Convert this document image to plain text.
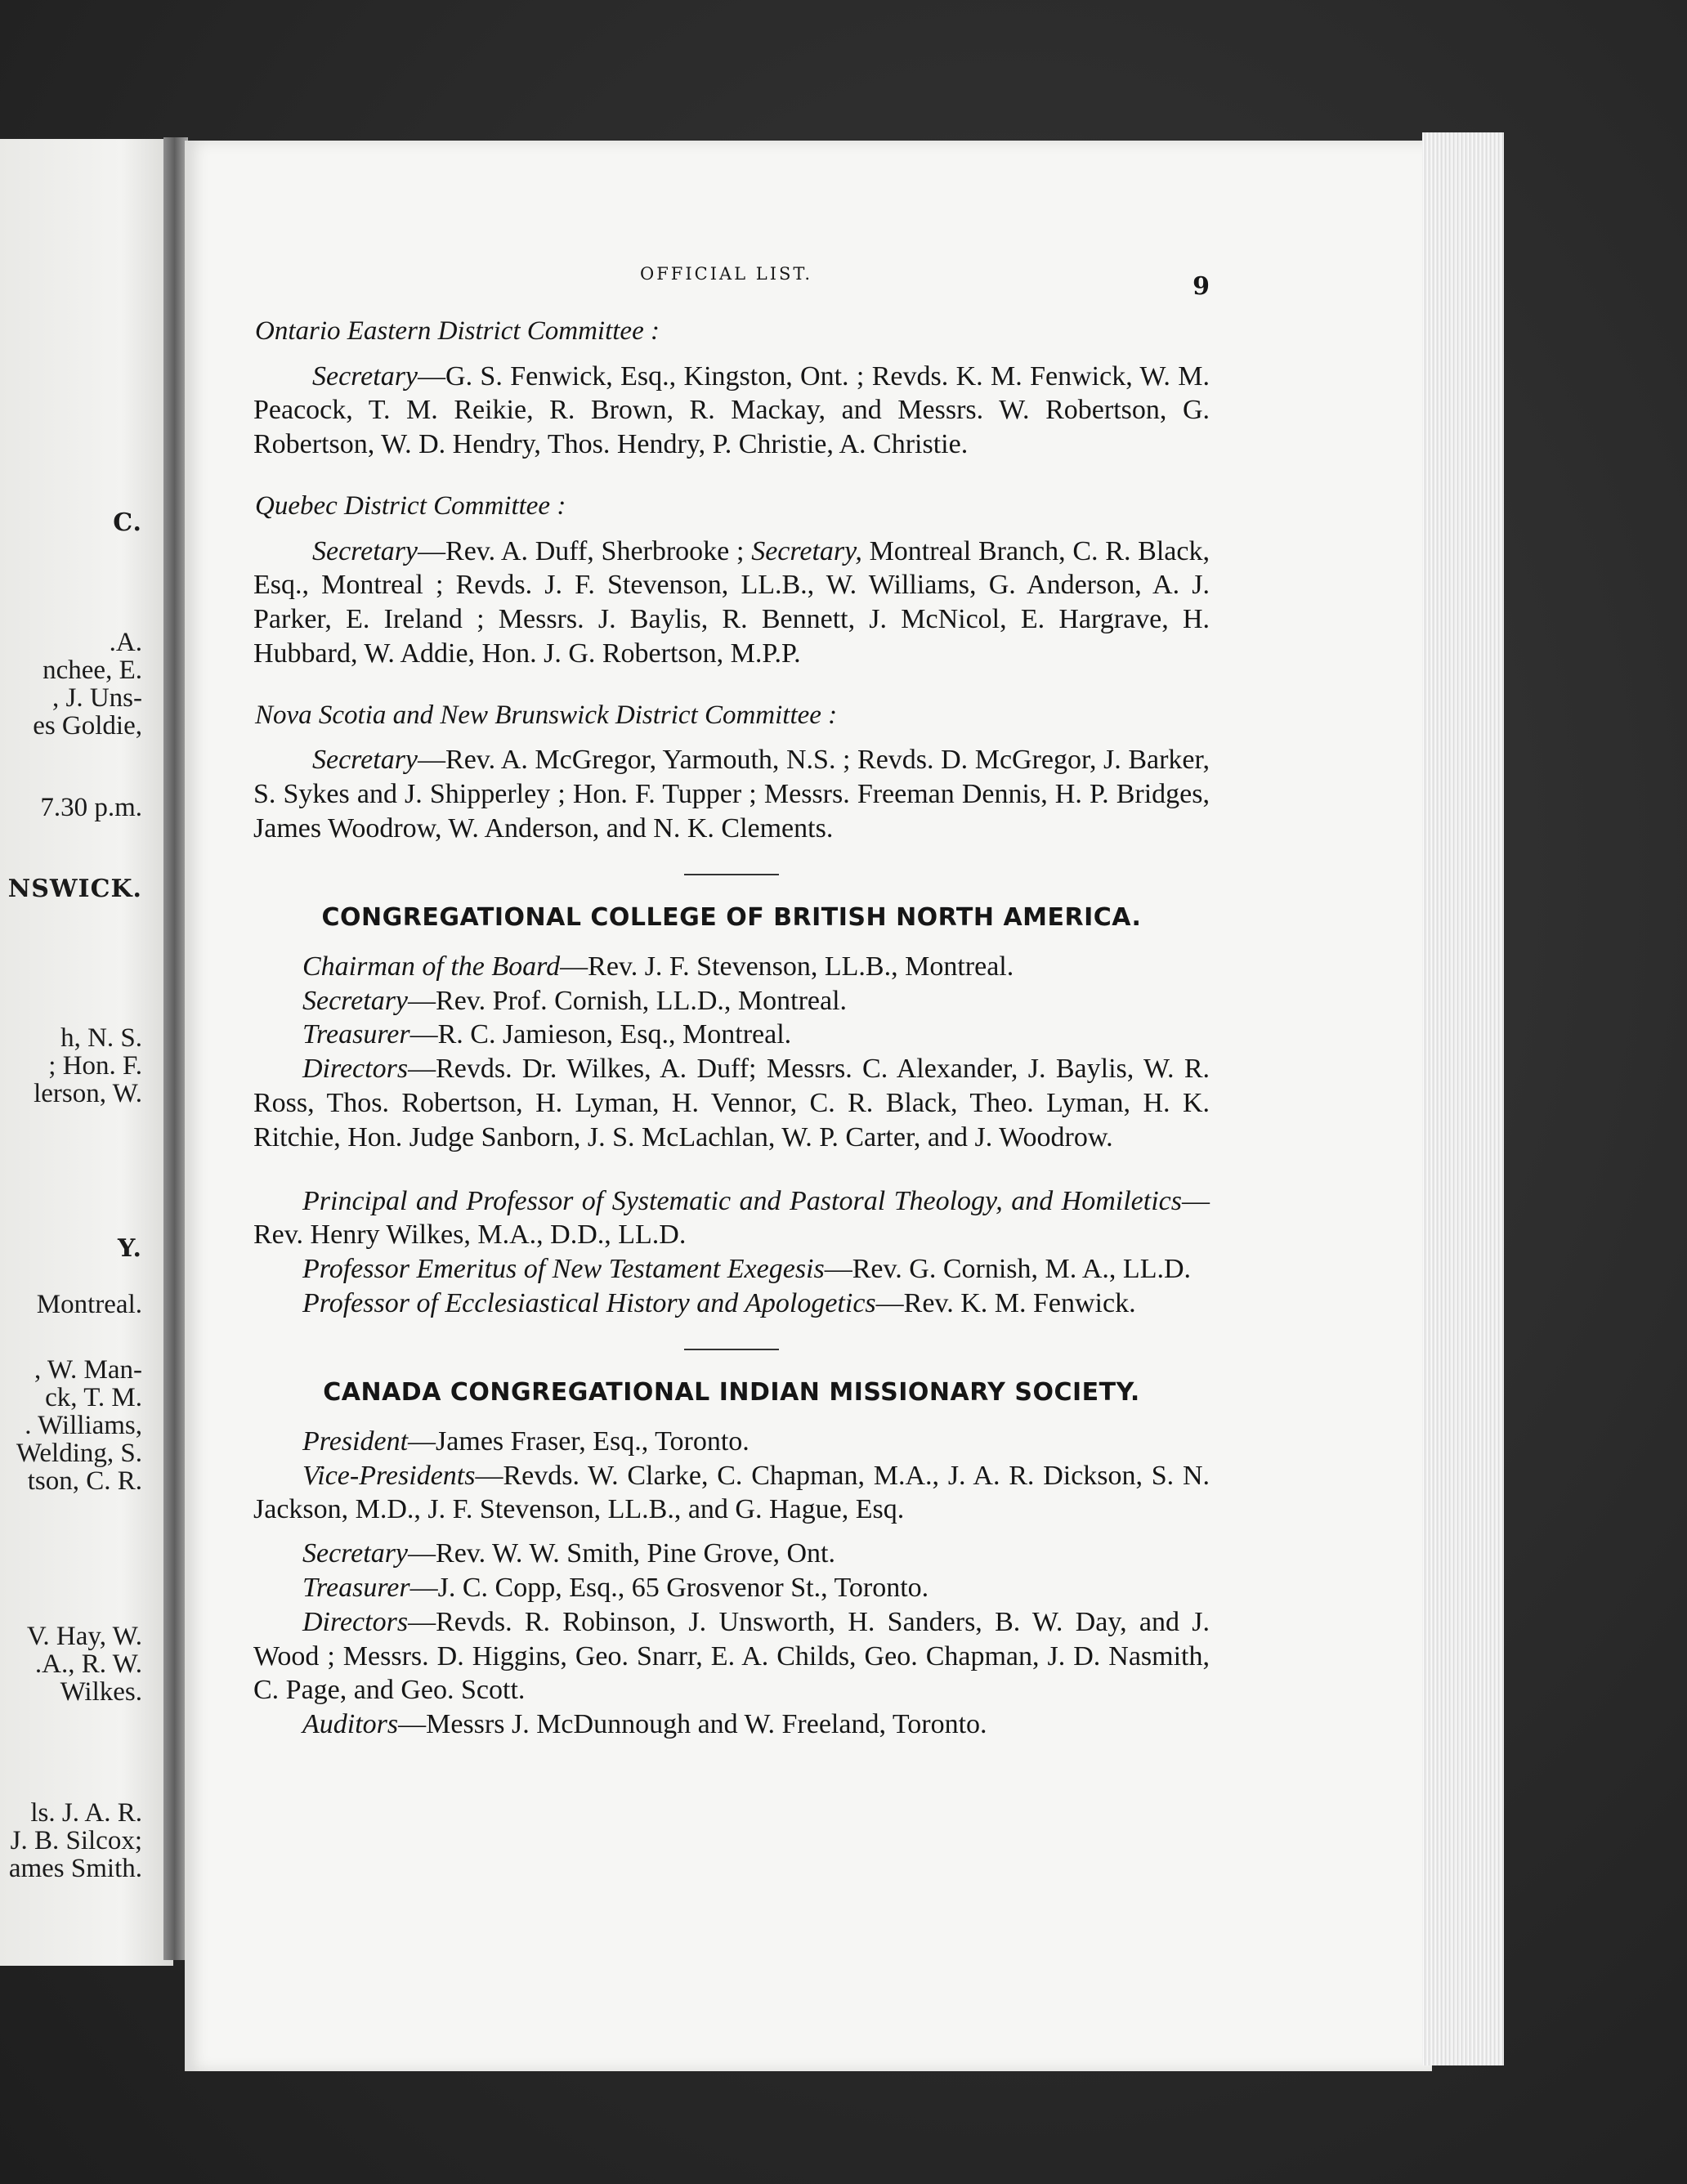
C.
.A.
nchee, E.
, J. Uns-
es Goldie,
7.30 p.m.
NSWICK.
h, N. S.
; Hon. F.
lerson, W.
Y.
Montreal.
, W. Man-
ck, T. M.
. Williams,
Welding, S.
tson, C. R.
V. Hay, W.
.A., R. W.
Wilkes.
ls. J. A. R.
J. B. Silcox;
ames Smith.
OFFICIAL LIST.	9
Ontario Eastern District Committee :

Secretary—G. S. Fenwick, Esq., Kingston, Ont. ; Revds. K. M. Fenwick, W. M. Peacock, T. M. Reikie, R. Brown, R. Mackay, and Messrs. W. Robertson, G. Robertson, W. D. Hendry, Thos. Hendry, P. Christie, A. Christie.

Quebec District Committee :

Secretary—Rev. A. Duff, Sherbrooke ; Secretary, Montreal Branch, C. R. Black, Esq., Montreal ; Revds. J. F. Stevenson, LL.B., W. Williams, G. Anderson, A. J. Parker, E. Ireland ; Messrs. J. Baylis, R. Bennett, J. McNicol, E. Hargrave, H. Hubbard, W. Addie, Hon. J. G. Robertson, M.P.P.

Nova Scotia and New Brunswick District Committee :

Secretary—Rev. A. McGregor, Yarmouth, N.S. ; Revds. D. McGregor, J. Barker, S. Sykes and J. Shipperley ; Hon. F. Tupper ; Messrs. Freeman Dennis, H. P. Bridges, James Woodrow, W. Anderson, and N. K. Clements.

CONGREGATIONAL COLLEGE OF BRITISH NORTH AMERICA.

Chairman of the Board—Rev. J. F. Stevenson, LL.B., Montreal.

Secretary—Rev. Prof. Cornish, LL.D., Montreal.

Treasurer—R. C. Jamieson, Esq., Montreal.

Directors—Revds. Dr. Wilkes, A. Duff; Messrs. C. Alexander, J. Baylis, W. R. Ross, Thos. Robertson, H. Lyman, H. Vennor, C. R. Black, Theo. Lyman, H. K. Ritchie, Hon. Judge Sanborn, J. S. McLachlan, W. P. Carter, and J. Woodrow.

Principal and Professor of Systematic and Pastoral Theology, and Homiletics—Rev. Henry Wilkes, M.A., D.D., LL.D.

Professor Emeritus of New Testament Exegesis—Rev. G. Cornish, M. A., LL.D.

Professor of Ecclesiastical History and Apologetics—Rev. K. M. Fenwick.

CANADA CONGREGATIONAL INDIAN MISSIONARY SOCIETY.

President—James Fraser, Esq., Toronto.

Vice-Presidents—Revds. W. Clarke, C. Chapman, M.A., J. A. R. Dickson, S. N. Jackson, M.D., J. F. Stevenson, LL.B., and G. Hague, Esq.

Secretary—Rev. W. W. Smith, Pine Grove, Ont.

Treasurer—J. C. Copp, Esq., 65 Grosvenor St., Toronto.

Directors—Revds. R. Robinson, J. Unsworth, H. Sanders, B. W. Day, and J. Wood ; Messrs. D. Higgins, Geo. Snarr, E. A. Childs, Geo. Chapman, J. D. Nasmith, C. Page, and Geo. Scott.

Auditors—Messrs J. McDunnough and W. Freeland, Toronto.
